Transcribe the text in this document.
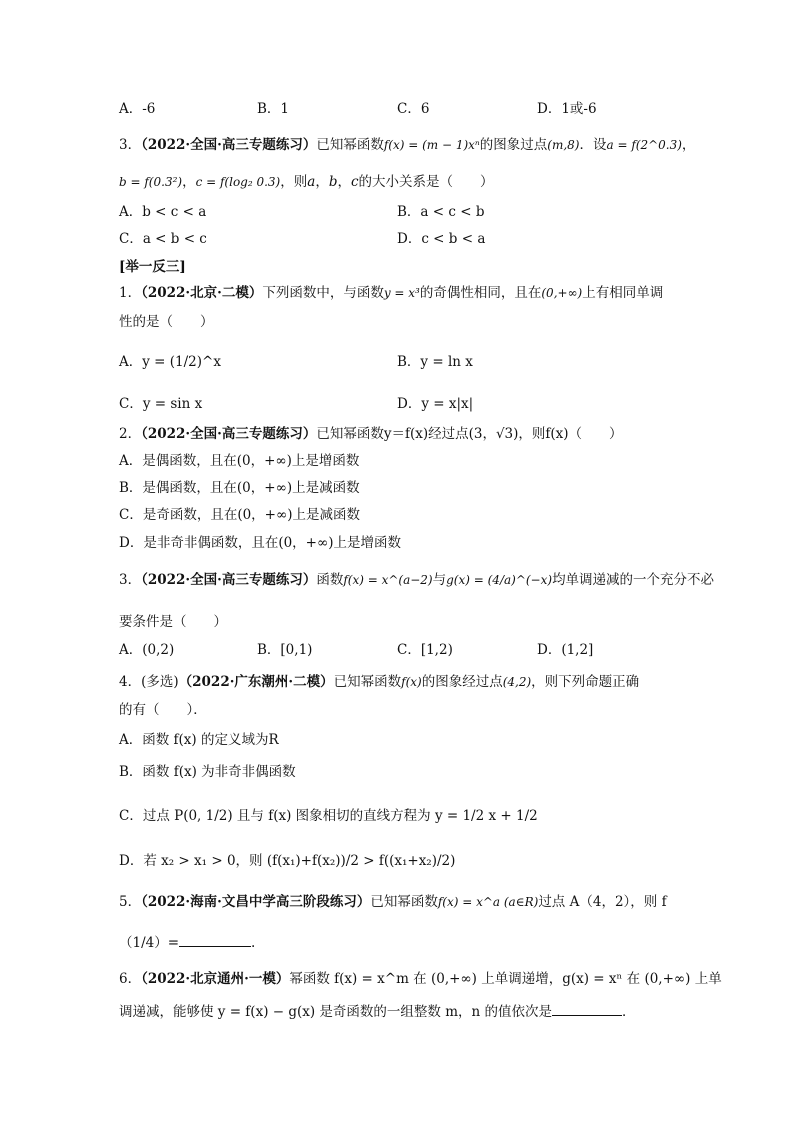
A．-6	B．1	C．6	D．1或-6
3．（2022·全国·高三专题练习）已知幂函数f(x) = (m − 1)xⁿ的图象过点(m,8)．设a = f(2^0.3)，
b = f(0.3²)，c = f(log₂ 0.3)，则a，b，c的大小关系是（　　）
A．b < c < a	B．a < c < b
C．a < b < c	D．c < b < a
[举一反三]
1．（2022·北京·二模）下列函数中，与函数y = x³的奇偶性相同，且在(0,+∞)上有相同单调
性的是（　　）
A．y = (1/2)^x	B．y = ln x
C．y = sin x	D．y = x|x|
2．（2022·全国·高三专题练习）已知幂函数y＝f(x)经过点(3，√3)，则f(x)（　　）
A．是偶函数，且在(0，+∞)上是增函数
B．是偶函数，且在(0，+∞)上是减函数
C．是奇函数，且在(0，+∞)上是减函数
D．是非奇非偶函数，且在(0，+∞)上是增函数
3．（2022·全国·高三专题练习）函数f(x) = x^(a−2)与g(x) = (4/a)^(−x)均单调递减的一个充分不必
要条件是（　　）
A．(0,2)	B．[0,1)	C．[1,2)	D．(1,2]
4．(多选)（2022·广东潮州·二模）已知幂函数f(x)的图象经过点(4,2)，则下列命题正确
的有（　　）．
A．函数 f(x) 的定义域为R
B．函数 f(x) 为非奇非偶函数
C．过点 P(0, 1/2) 且与 f(x) 图象相切的直线方程为 y = 1/2 x + 1/2
D．若 x₂ > x₁ > 0，则 (f(x₁)+f(x₂))/2 > f((x₁+x₂)/2)
5．（2022·海南·文昌中学高三阶段练习）已知幂函数f(x) = x^a (a∈R)过点 A（4，2），则 f
（1/4）=	.
6．（2022·北京通州·一模）幂函数 f(x) = x^m 在 (0,+∞) 上单调递增，g(x) = xⁿ 在 (0,+∞) 上单
调递减，能够使 y = f(x) − g(x) 是奇函数的一组整数 m，n 的值依次是	．
